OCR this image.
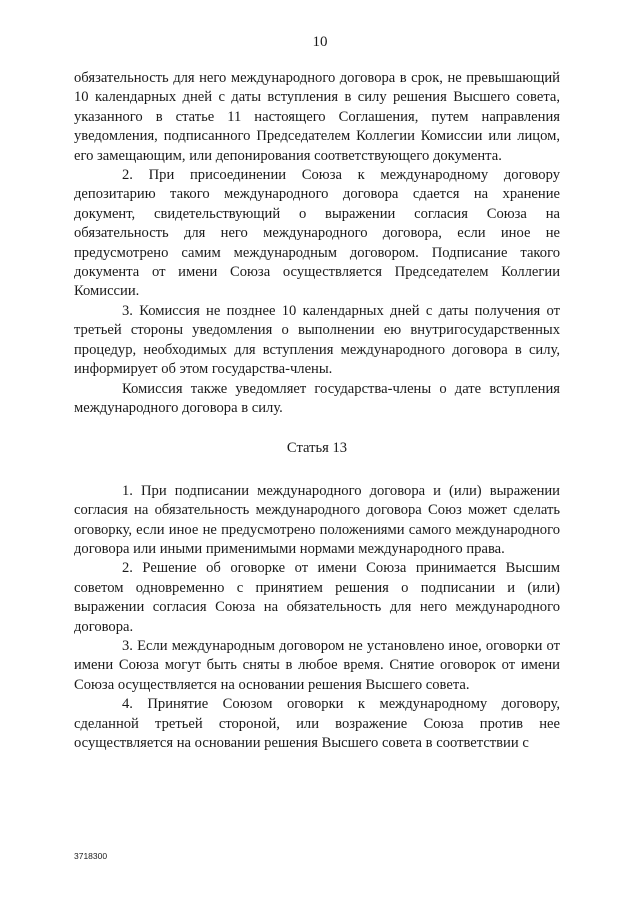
10

обязательность для него международного договора в срок, не превышающий 10 календарных дней с даты вступления в силу решения Высшего совета, указанного в статье 11 настоящего Соглашения, путем направления уведомления, подписанного Председателем Коллегии Комиссии или лицом, его замещающим, или депонирования соответствующего документа.

2. При присоединении Союза к международному договору депозитарию такого международного договора сдается на хранение документ, свидетельствующий о выражении согласия Союза на обязательность для него международного договора, если иное не предусмотрено самим международным договором. Подписание такого документа от имени Союза осуществляется Председателем Коллегии Комиссии.

3. Комиссия не позднее 10 календарных дней с даты получения от третьей стороны уведомления о выполнении ею внутригосударственных процедур, необходимых для вступления международного договора в силу, информирует об этом государства-члены.

Комиссия также уведомляет государства-члены о дате вступления международного договора в силу.

Статья 13

1. При подписании международного договора и (или) выражении согласия на обязательность международного договора Союз может сделать оговорку, если иное не предусмотрено положениями самого международного договора или иными применимыми нормами международного права.

2. Решение об оговорке от имени Союза принимается Высшим советом одновременно с принятием решения о подписании и (или) выражении согласия Союза на обязательность для него международного договора.

3. Если международным договором не установлено иное, оговорки от имени Союза могут быть сняты в любое время. Снятие оговорок от имени Союза осуществляется на основании решения Высшего совета.

4. Принятие Союзом оговорки к международному договору, сделанной третьей стороной, или возражение Союза против нее осуществляется на основании решения Высшего совета в соответствии с

3718300
